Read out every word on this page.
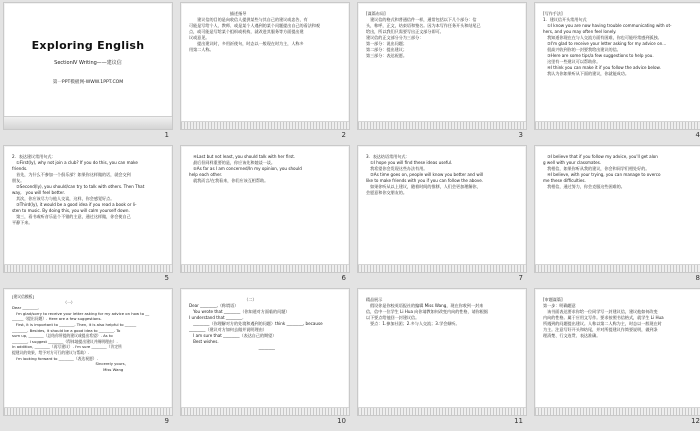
Exploring English
SectionⅣ Writing——建议信
第一PPT模板网-WWW.1PPT.COM
1
　　　　　　　　　　描述指导
　　建议信的目的是向收信人提供某些与其自己的建议或忠告，有
可能是写给个人、教师、或是某个人遇到的某个问题提出自己的看法和观
点，或可能是写给某个组织或机构，就改进其服务等方面提出建
议或意见。
　　提出建议时，多用祈使句，时态以一般现在时为主，人称多
用第二人称。
2
[谋篇布局]
　建议信的格式和普通信件一样，通常包括以下几个部分：信
头，称呼，正文，结束语和签名。因为本写作任务开头和结尾已
给出，所以我们只需要写出正文部分即可。
建议信的正文部分分为三部分：
第一部分：说出问题；
第二部分：提出建议；
第三部分：表达祝愿。
3
[写作手法]
1．建议信开头常用句式
　①I know you are now having trouble communicating with ot-
hers, and you may often feel lonely.
　我知道你现在在与人交流方面有困难，你也可能经常感到孤独。
　②I'm glad to receive your letter asking for my advice on…
　很高兴收到你的一封要我给出建议的信。
　③Here are some tips/a few suggestions to help you.
　这里有一些建议可以帮助你。
　④I think you can make it if you follow the advice below.
　我认为你如果听从下面的建议，你就能成功。
4
2．表达建议常用句式：
　①First(ly), why not join a club? If you do this, you can make
friends.
　首先，为什么不参加一个俱乐部？如果你这样做的话，就会交到
朋友。
　②Second(ly), you should/can try to talk with others. Then That
way,　you will feel better.
　其次，你应该尽力与他人交谈，这样，你会感觉好点。
　③Third(ly), it would be a good idea if you read a book or li-
sten to music. By doing this, you will calm yourself down.
　第三，看书或听音乐是个不错的主意，通过这样做，你会使自己
平静下来。
5
　④Last but not least, you should talk with her first.
　最后但同样重要的是，你应该先和她谈一谈。
　⑤As far as I am concerned/In my opinion, you should
help each other.
　就我而言/在我看来，你们应该互相帮助。
6
3．表达结语常用句式：
　①I hope you will find these ideas useful.
　我希望你会发现这些办法有用。
　②As time goes on, people will know you better and will
like to make friends with you if you can follow the above.
　如果你听从以上建议，随着时间的推移，人们会更加理解你，
会愿意和你交朋友的。
7
　③I believe that if you follow my advice, you'll get alon
g well with your classmates.
　我相信，如果你听从我的建议，你会和同学们相处好的。
　④I believe, with your trying, you can manage to overco
me these difficulties.
　我相信，通过努力，你会克服这些困难的。
8
[建议信模板]
　　　　　　　　　　　　　　（一）
Dear ________,
　I'm glad/sorry to receive your letter asking for my advice on how to __
______（提出问题）. Here are a few suggestions.
　First, it is important to ________. Then, it is also helpful to ______
________. Besides, it should be a good idea to ________. To
sum up, ________（总结你所提的建议或提出希望）. As to
________, I suggest ________（得体地提出建议并阐明理由）.
In addition, ________（再写建议）. I'm sure ________（肯定所
提建议的效果，给予对方可行的建议与帮助）.
　I'm looking forward to ________（表达祝愿）.
　　　　　　　　　　　　　　　　　　　　　　Sincerely yours,
　　　　　　　　　　　　　　　　　　　　　　　　Miss Wang
9
　　　　　　　　　　　　　　（二）
Dear ________,（称谓语）
　You wrote that ________（你知道对方面临的问题）
I understand that ________.
　________（你理解对方的处境和遇到的问题）think ________, because
________（建议对方如何去做并说明理由）
　I am sure that ________（表达自己的期望）
　Best wishes.
　　　　　　　　　　　　　　　　　________
10
精品展示
　假设你是你校英语报社的编辑 Miss Wang，现在你收到一封来
信，信中一位学生 Li Hua 向你请教如何改变内向的性格，请你根据
以下要点给他回一封建议信。
　要点：1.参加社团；2.多与人交流；3.学会倾听。
11
[审题谋篇]
第一步：明确题意
　该书面表达要求你给一位同学写一封建议信，建议他如何改变
内向的性格。属于应用文写作。要求按照书信格式，就学生 Li Hua
所遇到的问题提出建议。人称以第二人称为主，时态以一般现在时
为主。注意写好开头和结尾，并对所提建议作简要说明，做到条
理清楚、行文连贯、表达准确。
12
